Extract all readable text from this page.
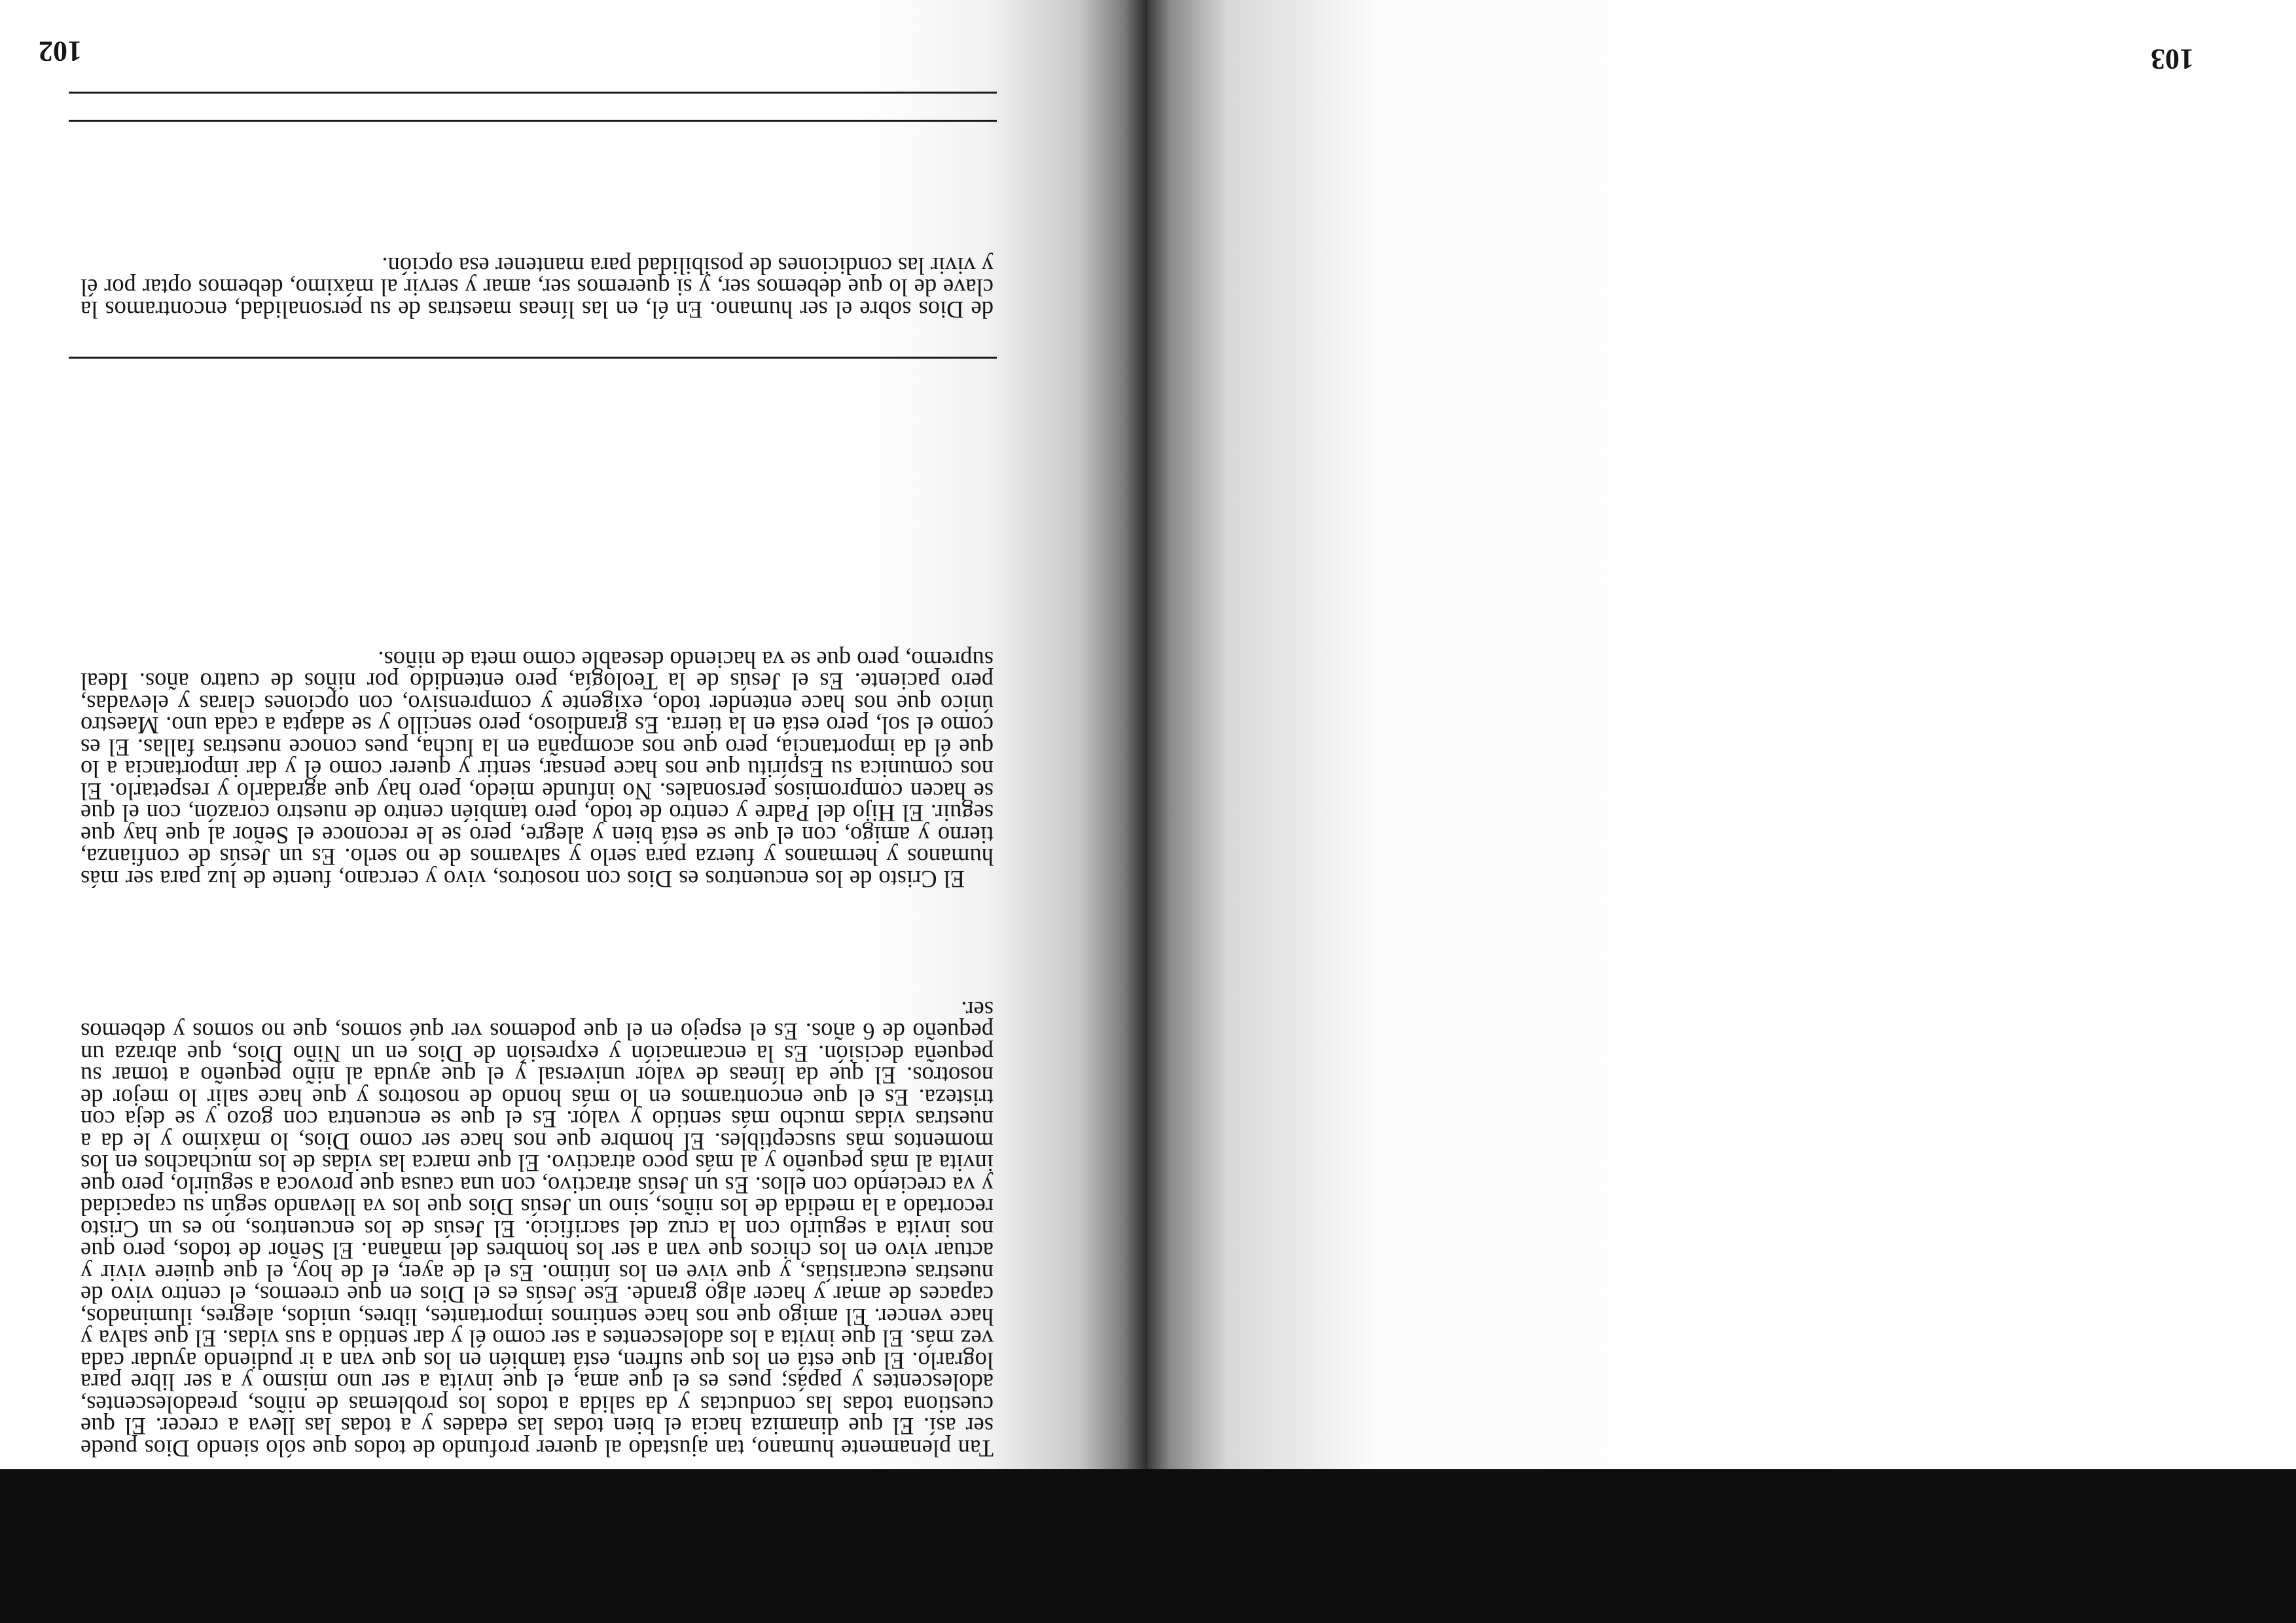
102

Tan plenamente humano, tan ajustado al querer profundo de todos que sólo siendo Dios puede ser así. El que dinamiza hacia el bien todas las edades y a todas las lleva a crecer. El que cuestiona todas las conductas y da salida a todos los problemas de niños, preadolescentes, adolescentes y papás; pues es el que ama, el que invita a ser uno mismo y a ser libre para lograrlo. El que está en los que sufren, está también en los que van a ir pudiendo ayudar cada vez más. El que invita a los adolescentes a ser como él y dar sentido a sus vidas. El que salva y hace vencer. El amigo que nos hace sentirnos importantes, libres, unidos, alegres, iluminados, capaces de amar y hacer algo grande. Ese Jesús es el Dios en que creemos, el centro vivo de nuestras eucaristías, y que vive en los íntimo. Es el de ayer, el de hoy, el que quiere vivir y actuar vivo en los chicos que van a ser los hombres del mañana. El Señor de todos, pero que nos invita a seguirlo con la cruz del sacrificio. El Jesús de los encuentros, no es un Cristo recortado a la medida de los niños, sino un Jesús Dios que los va llevando según su capacidad y va creciendo con ellos. Es un Jesús atractivo, con una causa que provoca a seguirlo, pero que invita al más pequeño y al más poco atractivo. El que marca las vidas de los muchachos en los momentos más susceptibles. El hombre que nos hace ser como Dios, lo máximo y le da a nuestras vidas mucho más sentido y valor. Es el que se encuentra con gozo y se deja con tristeza. Es el que encontramos en lo más hondo de nosotros y que hace salir lo mejor de nosotros. El que da líneas de valor universal y el que ayuda al niño pequeño a tomar su pequeña decisión. Es la encarnación y expresión de Dios en un Niño Dios, que abraza un pequeño de 6 años. Es el espejo en el que podemos ver qué somos, que no somos y debemos ser.

El Cristo de los encuentros es Dios con nosotros, vivo y cercano, fuente de luz para ser más humanos y hermanos y fuerza para serlo y salvarnos de no serlo. Es un Jesús de confianza, tierno y amigo, con el que se está bien y alegre, pero se le reconoce el Señor al que hay que seguir. El Hijo del Padre y centro de todo, pero también centro de nuestro corazón, con el que se hacen compromisos personales. No infunde miedo, pero hay que agradarlo y respetarlo. El nos comunica su Espíritu que nos hace pensar, sentir y querer como él y dar importancia a lo que él da importancia, pero que nos acompaña en la lucha, pues conoce nuestras fallas. El es como el sol, pero está en la tierra. Es grandioso, pero sencillo y se adapta a cada uno. Maestro único que nos hace entender todo, exigente y comprensivo, con opciones claras y elevadas, pero paciente. Es el Jesús de la Teología, pero entendido por niños de cuatro años. Ideal supremo, pero que se va haciendo deseable como meta de niños.

de Dios sobre el ser humano. En él, en las líneas maestras de su personalidad, encontramos la clave de lo que debemos ser, y si queremos ser, amar y servir al máximo, debemos optar por él y vivir las condiciones de posibilidad para mantener esa opción.

103
